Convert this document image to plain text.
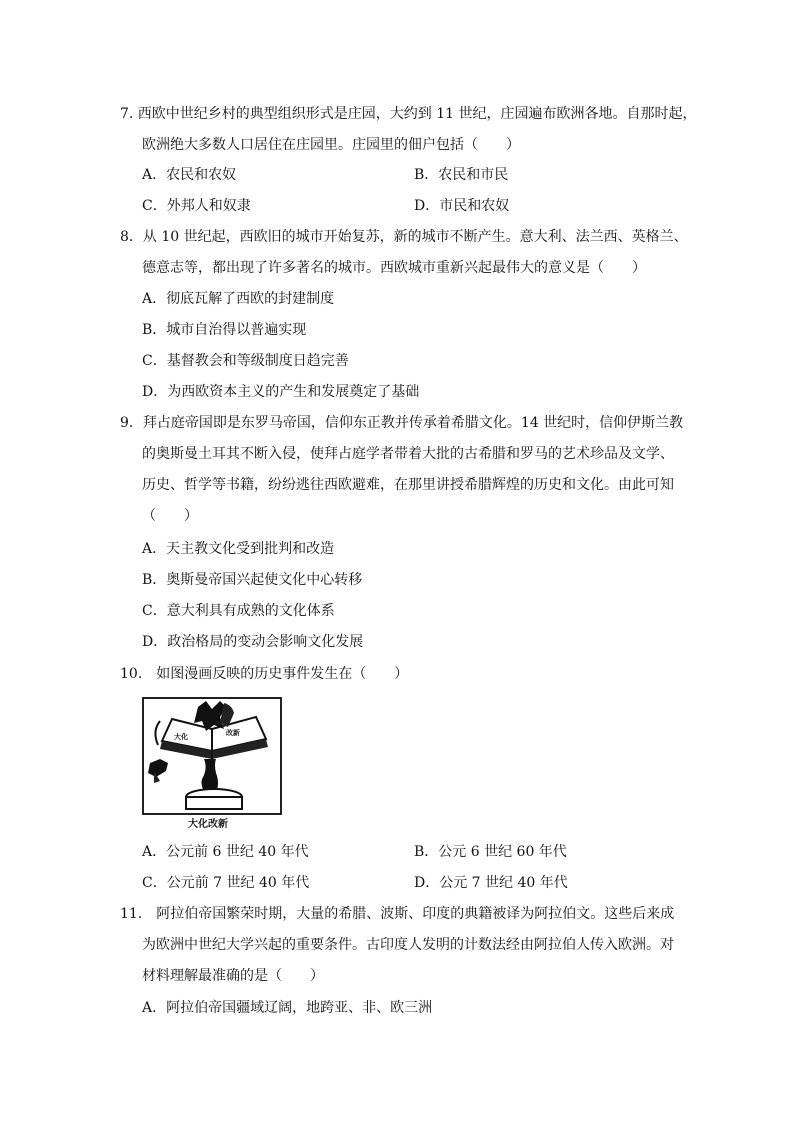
7. 西欧中世纪乡村的典型组织形式是庄园，大约到 11 世纪，庄园遍布欧洲各地。自那时起，
欧洲绝大多数人口居住在庄园里。庄园里的佃户包括（　　）
A．农民和农奴	B．农民和市民
C．外邦人和奴隶	D．市民和农奴
8．从 10 世纪起，西欧旧的城市开始复苏，新的城市不断产生。意大利、法兰西、英格兰、
德意志等，都出现了许多著名的城市。西欧城市重新兴起最伟大的意义是（　　）
A．彻底瓦解了西欧的封建制度
B．城市自治得以普遍实现
C．基督教会和等级制度日趋完善
D．为西欧资本主义的产生和发展奠定了基础
9．拜占庭帝国即是东罗马帝国，信仰东正教并传承着希腊文化。14 世纪时，信仰伊斯兰教
的奥斯曼土耳其不断入侵，使拜占庭学者带着大批的古希腊和罗马的艺术珍品及文学、
历史、哲学等书籍，纷纷逃往西欧避难，在那里讲授希腊辉煌的历史和文化。由此可知
（　　）
A．天主教文化受到批判和改造
B．奥斯曼帝国兴起使文化中心转移
C．意大利具有成熟的文化体系
D．政治格局的变动会影响文化发展
10.　如图漫画反映的历史事件发生在（　　）
大化	改新
大化改新
A．公元前 6 世纪 40 年代	B．公元 6 世纪 60 年代
C．公元前 7 世纪 40 年代	D．公元 7 世纪 40 年代
11.　阿拉伯帝国繁荣时期，大量的希腊、波斯、印度的典籍被译为阿拉伯文。这些后来成
为欧洲中世纪大学兴起的重要条件。古印度人发明的计数法经由阿拉伯人传入欧洲。对
材料理解最准确的是（　　）
A．阿拉伯帝国疆域辽阔，地跨亚、非、欧三洲
